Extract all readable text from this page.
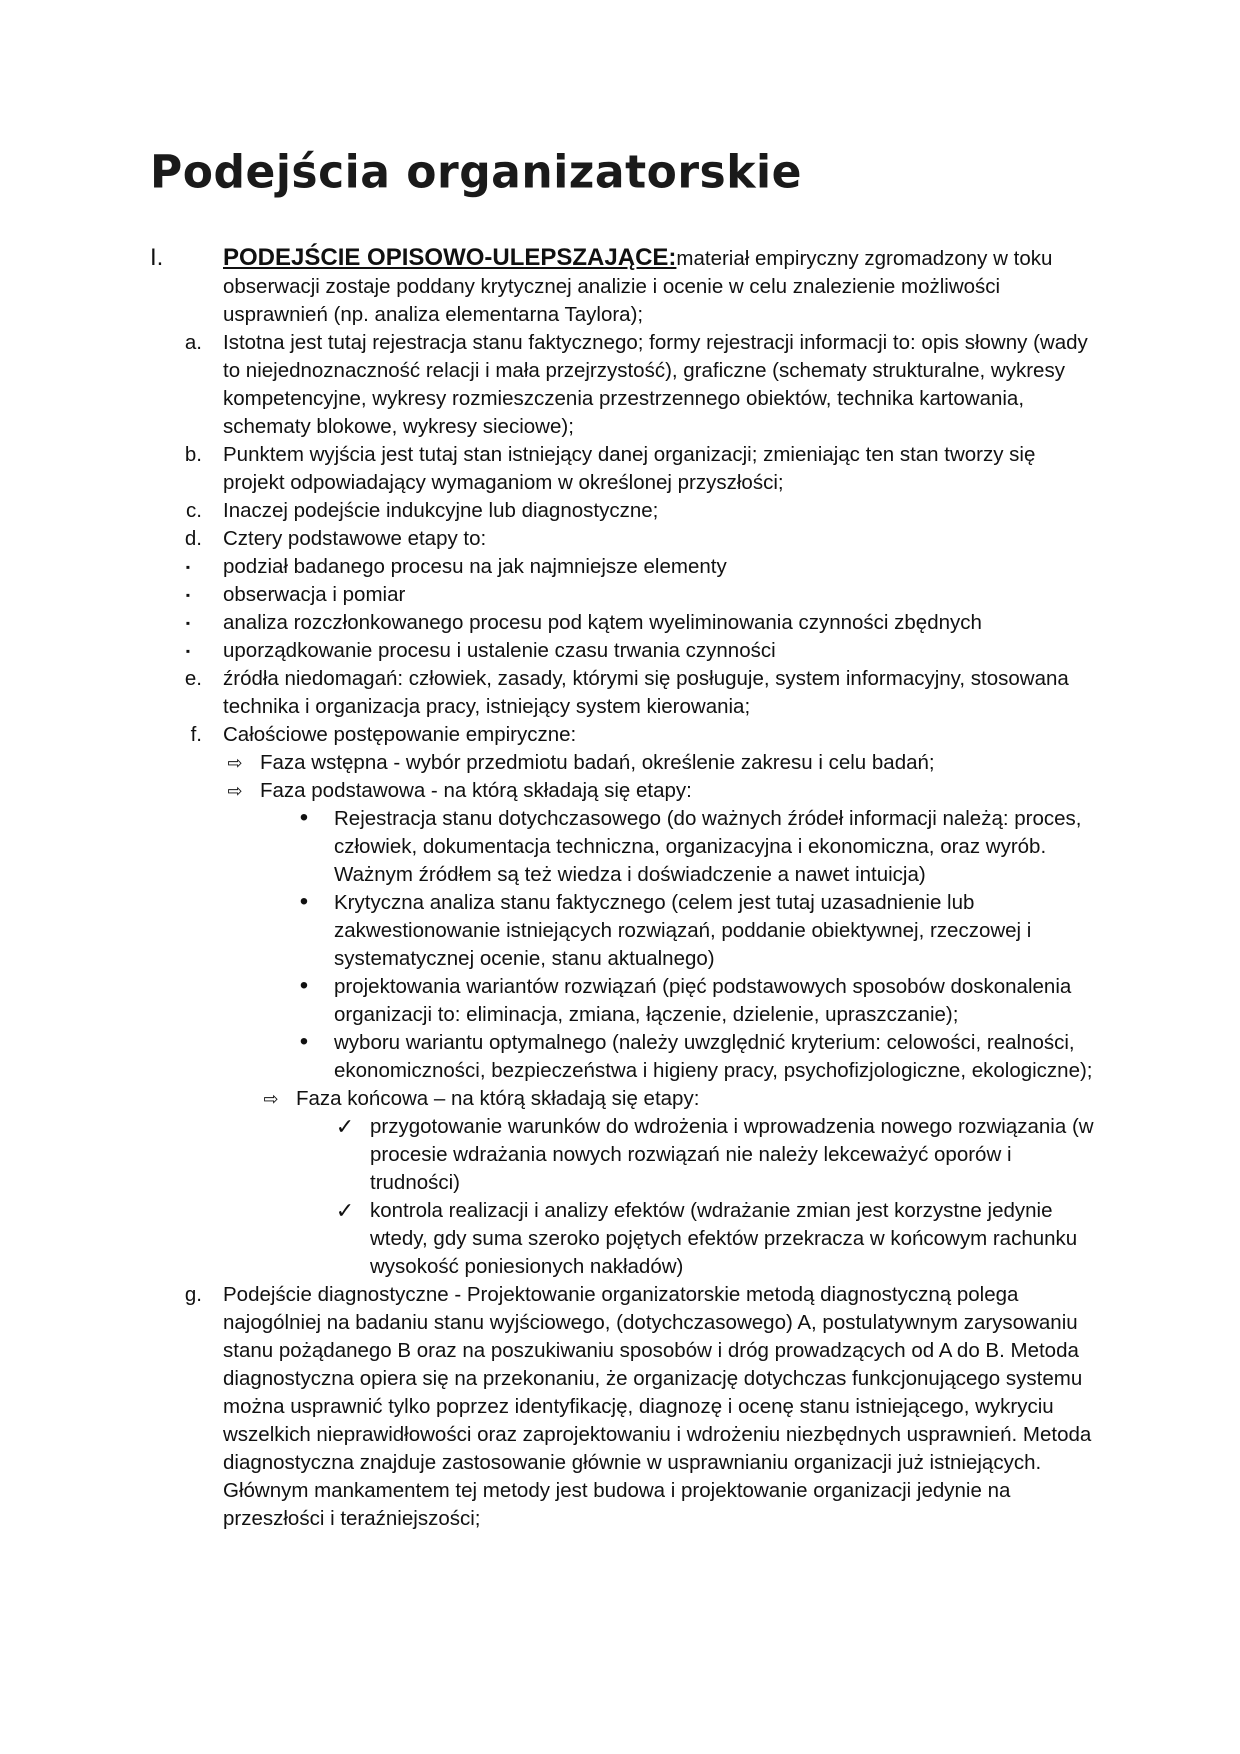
Podejścia organizatorskie
I.	PODEJŚCIE OPISOWO-ULEPSZAJĄCE:materiał empiryczny zgromadzony w toku obserwacji zostaje poddany krytycznej analizie i ocenie w celu znalezienie możliwości usprawnień (np. analiza elementarna Taylora);
a. Istotna jest tutaj rejestracja stanu faktycznego; formy rejestracji informacji to: opis słowny (wady to niejednoznaczność relacji i mała przejrzystość), graficzne (schematy strukturalne, wykresy kompetencyjne, wykresy rozmieszczenia przestrzennego obiektów, technika kartowania, schematy blokowe, wykresy sieciowe);
b. Punktem wyjścia jest tutaj stan istniejący danej organizacji; zmieniając ten stan tworzy się projekt odpowiadający wymaganiom w określonej przyszłości;
c. Inaczej podejście indukcyjne lub diagnostyczne;
d. Cztery podstawowe etapy to:
▪ podział badanego procesu na jak najmniejsze elementy
▪ obserwacja i pomiar
▪ analiza rozczłonkowanego procesu pod kątem wyeliminowania czynności zbędnych
▪ uporządkowanie procesu i ustalenie czasu trwania czynności
e. źródła niedomagań: człowiek, zasady, którymi się posługuje, system informacyjny, stosowana technika i organizacja pracy, istniejący system kierowania;
f. Całościowe postępowanie empiryczne:
⇨ Faza wstępna - wybór przedmiotu badań, określenie zakresu i celu badań;
⇨ Faza podstawowa - na którą składają się etapy:
•	Rejestracja stanu dotychczasowego (do ważnych źródeł informacji należą: proces, człowiek, dokumentacja techniczna, organizacyjna i ekonomiczna, oraz wyrób. Ważnym źródłem są też wiedza i doświadczenie a nawet intuicja)
•	Krytyczna analiza stanu faktycznego (celem jest tutaj uzasadnienie lub zakwestionowanie istniejących rozwiązań, poddanie obiektywnej, rzeczowej i systematycznej ocenie, stanu aktualnego)
•	projektowania wariantów rozwiązań (pięć podstawowych sposobów doskonalenia organizacji to: eliminacja, zmiana, łączenie, dzielenie, upraszczanie);
•	wyboru wariantu optymalnego (należy uwzględnić kryterium: celowości, realności, ekonomiczności, bezpieczeństwa i higieny pracy, psychofizjologiczne, ekologiczne);
⇨ Faza końcowa – na którą składają się etapy:
✓ przygotowanie warunków do wdrożenia i wprowadzenia nowego rozwiązania (w procesie wdrażania nowych rozwiązań nie należy lekceważyć oporów i trudności)
✓ kontrola realizacji i analizy efektów (wdrażanie zmian jest korzystne jedynie wtedy, gdy suma szeroko pojętych efektów przekracza w końcowym rachunku wysokość poniesionych nakładów)
g. Podejście diagnostyczne - Projektowanie organizatorskie metodą diagnostyczną polega najogólniej na badaniu stanu wyjściowego, (dotychczasowego) A, postulatywnym zarysowaniu stanu pożądanego B oraz na poszukiwaniu sposobów i dróg prowadzących od A do B. Metoda diagnostyczna opiera się na przekonaniu, że organizację dotychczas funkcjonującego systemu można usprawnić tylko poprzez identyfikację, diagnozę i ocenę stanu istniejącego, wykryciu wszelkich nieprawidłowości oraz zaprojektowaniu i wdrożeniu niezbędnych usprawnień. Metoda diagnostyczna znajduje zastosowanie głównie w usprawnianiu organizacji już istniejących. Głównym mankamentem tej metody jest budowa i projektowanie organizacji jedynie na przeszłości i teraźniejszości;
